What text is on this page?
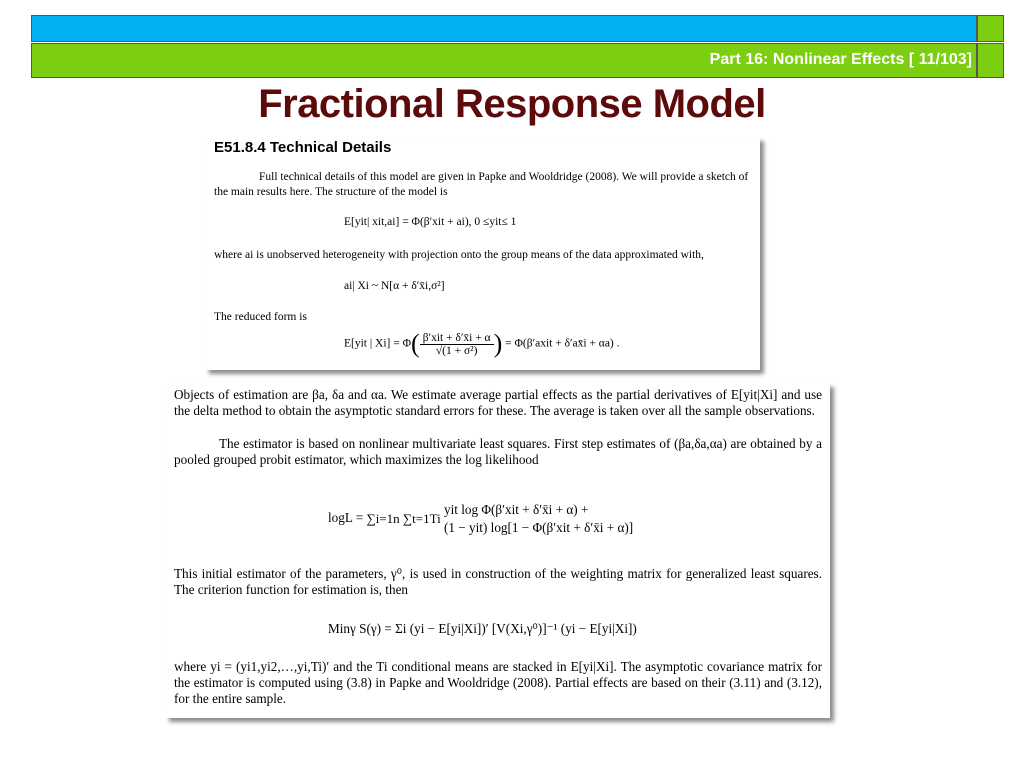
Part 16: Nonlinear Effects [ 11/103]
Fractional Response Model
E51.8.4 Technical Details
Full technical details of this model are given in Papke and Wooldridge (2008). We will provide a sketch of the main results here. The structure of the model is
E[yit| xit,ai] = Φ(β′xit + ai), 0 ≤yit≤ 1
where ai is unobserved heterogeneity with projection onto the group means of the data approximated with,
ai| Xi ~ N[α + δ′x̄i,σ²]
The reduced form is
E[yit | $Xi] = \Phi( \frac{\text{β′xit + δ′x̄i + α}}{\text{√(1 + σ²)}}$ ) = Φ(β′axit + δ′ax̄i + αa) .
Objects of estimation are βa, δa and αa. We estimate average partial effects as the partial derivatives of E[yit|Xi] and use the delta method to obtain the asymptotic standard errors for these. The average is taken over all the sample observations.
The estimator is based on nonlinear multivariate least squares. First step estimates of (βa,δa,αa) are obtained by a pooled grouped probit estimator, which maximizes the log likelihood
logL = ∑i=1n ∑t=1Ti
yit log Φ(β′xit + δ′x̄i + α) +
(1 − yit) log[1 − Φ(β′xit + δ′x̄i + α)]
This initial estimator of the parameters, γ⁰, is used in construction of the weighting matrix for generalized least squares. The criterion function for estimation is, then
Minγ S(γ) = Σi (yi − E[yi|Xi])′ [V(Xi,γ⁰)]⁻¹ (yi − E[yi|Xi])
where yi = (yi1,yi2,…,yi,Ti)′ and the Ti conditional means are stacked in E[yi|Xi]. The asymptotic covariance matrix for the estimator is computed using (3.8) in Papke and Wooldridge (2008). Partial effects are based on their (3.11) and (3.12), for the entire sample.
